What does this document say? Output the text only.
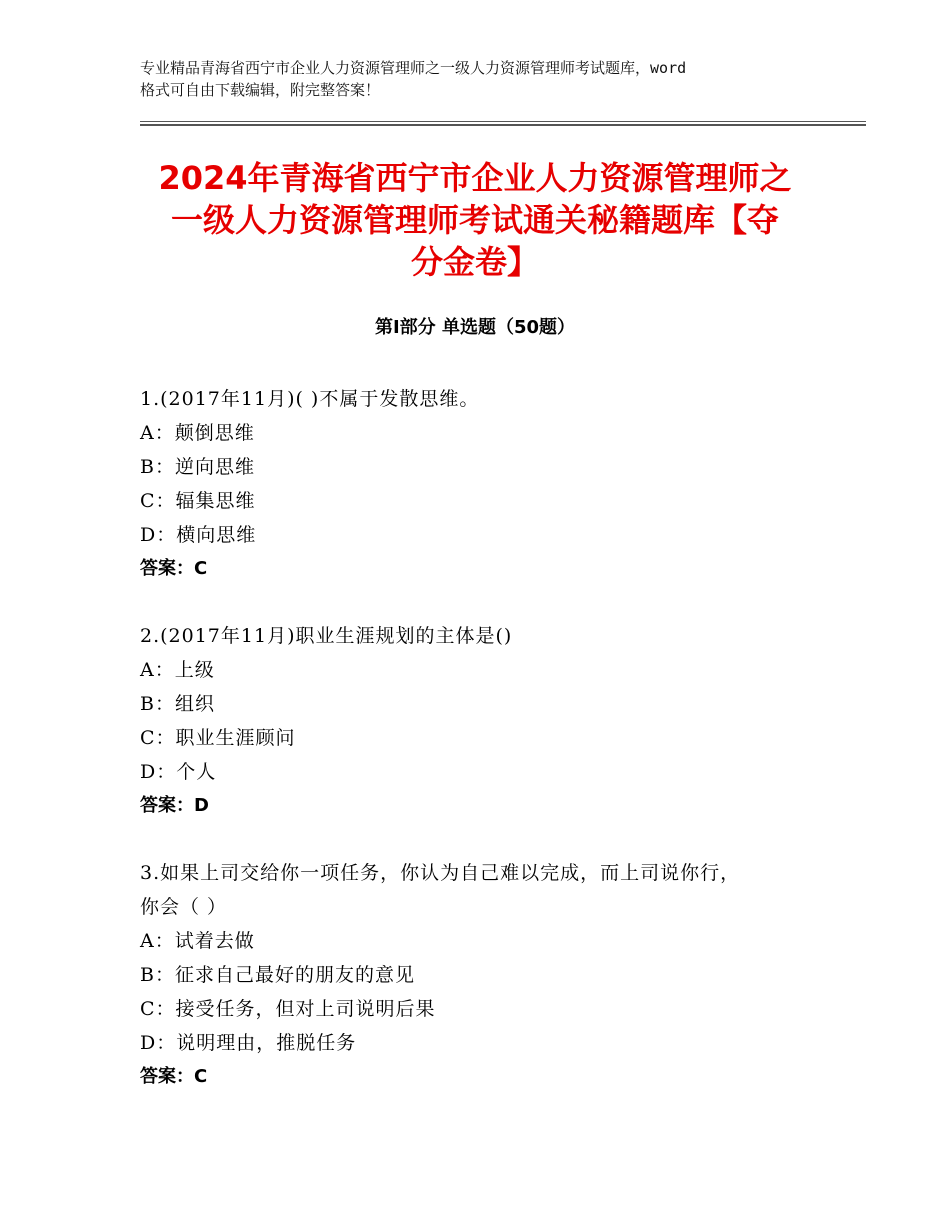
专业精品青海省西宁市企业人力资源管理师之一级人力资源管理师考试题库，word
格式可自由下载编辑，附完整答案！
2024年青海省西宁市企业人力资源管理师之
一级人力资源管理师考试通关秘籍题库【夺
分金卷】
第Ⅰ部分 单选题（50题）
1.(2017年11月)( )不属于发散思维。
A：颠倒思维
B：逆向思维
C：辐集思维
D：横向思维
答案：C
2.(2017年11月)职业生涯规划的主体是()
A：上级
B：组织
C：职业生涯顾问
D：个人
答案：D
3.如果上司交给你一项任务，你认为自己难以完成，而上司说你行，
你会（ ）
A：试着去做
B：征求自己最好的朋友的意见
C：接受任务，但对上司说明后果
D：说明理由，推脱任务
答案：C
